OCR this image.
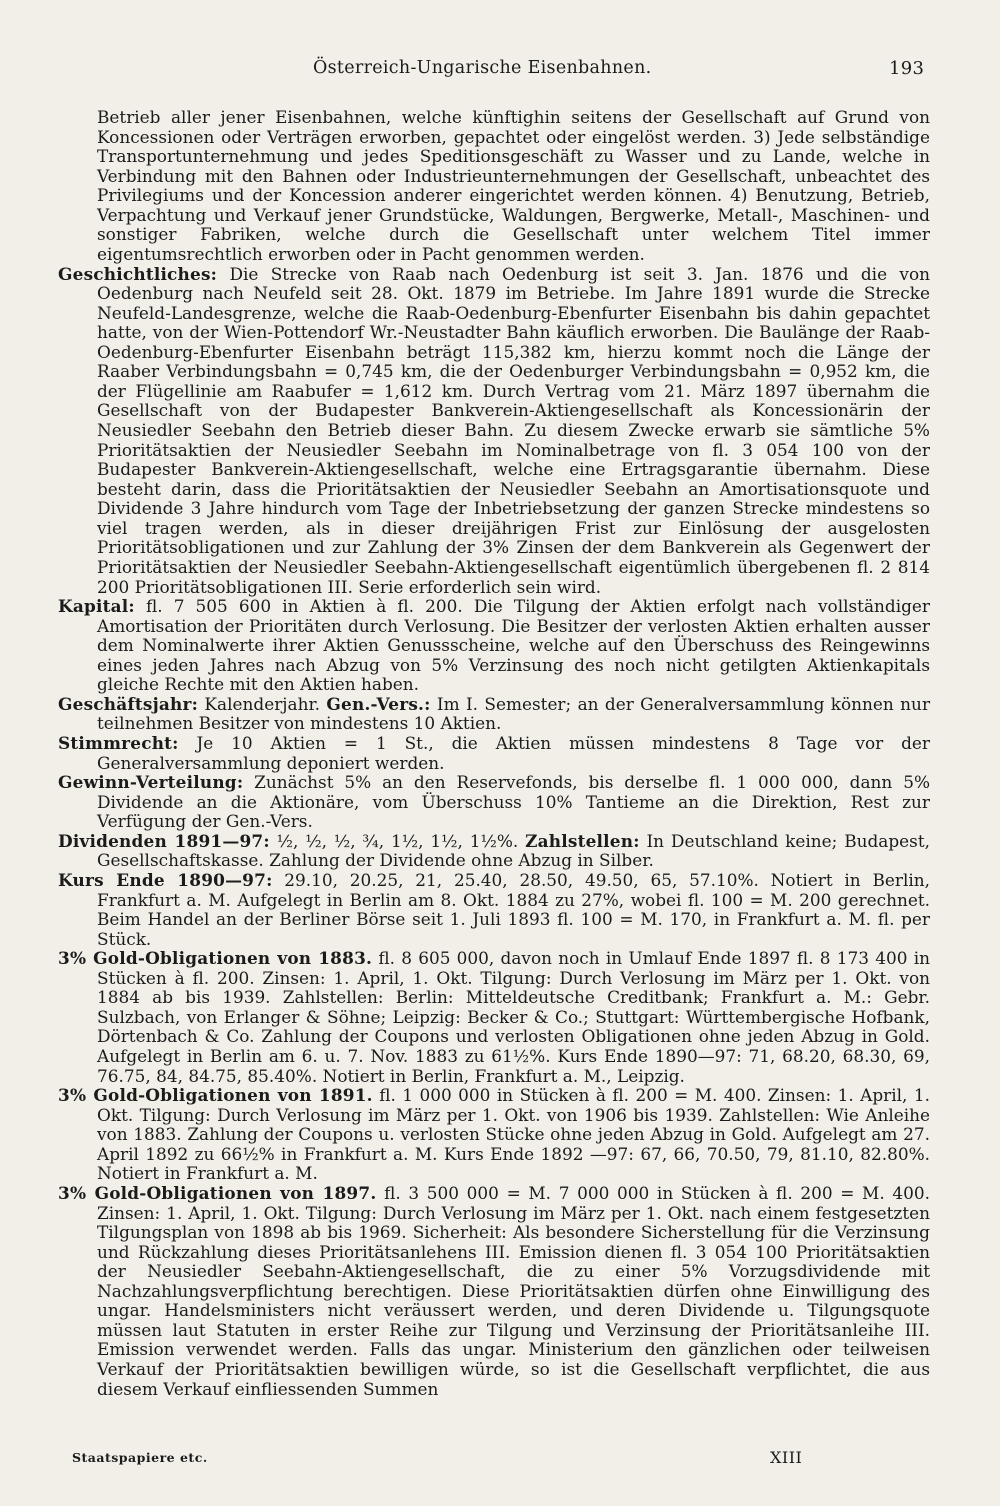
Österreich-Ungarische Eisenbahnen.	193

Betrieb aller jener Eisenbahnen, welche künftighin seitens der Gesellschaft auf Grund von Koncessionen oder Verträgen erworben, gepachtet oder eingelöst werden. 3) Jede selbständige Transportunternehmung und jedes Speditionsgeschäft zu Wasser und zu Lande, welche in Verbindung mit den Bahnen oder Industrieunternehmungen der Gesellschaft, unbeachtet des Privilegiums und der Koncession anderer eingerichtet werden können. 4) Benutzung, Betrieb, Verpachtung und Verkauf jener Grundstücke, Waldungen, Bergwerke, Metall-, Maschinen- und sonstiger Fabriken, welche durch die Gesellschaft unter welchem Titel immer eigentumsrechtlich erworben oder in Pacht genommen werden.

Geschichtliches: Die Strecke von Raab nach Oedenburg ist seit 3. Jan. 1876 und die von Oedenburg nach Neufeld seit 28. Okt. 1879 im Betriebe. Im Jahre 1891 wurde die Strecke Neufeld-Landesgrenze, welche die Raab-Oedenburg-Ebenfurter Eisenbahn bis dahin gepachtet hatte, von der Wien-Pottendorf Wr.-Neustadter Bahn käuflich erworben. Die Baulänge der Raab-Oedenburg-Ebenfurter Eisenbahn beträgt 115,382 km, hierzu kommt noch die Länge der Raaber Verbindungsbahn = 0,745 km, die der Oedenburger Verbindungsbahn = 0,952 km, die der Flügellinie am Raabufer = 1,612 km. Durch Vertrag vom 21. März 1897 übernahm die Gesellschaft von der Budapester Bankverein-Aktiengesellschaft als Koncessionärin der Neusiedler Seebahn den Betrieb dieser Bahn. Zu diesem Zwecke erwarb sie sämtliche 5% Prioritätsaktien der Neusiedler Seebahn im Nominalbetrage von fl. 3 054 100 von der Budapester Bankverein-Aktiengesellschaft, welche eine Ertragsgarantie übernahm. Diese besteht darin, dass die Prioritätsaktien der Neusiedler Seebahn an Amortisationsquote und Dividende 3 Jahre hindurch vom Tage der Inbetriebsetzung der ganzen Strecke mindestens so viel tragen werden, als in dieser dreijährigen Frist zur Einlösung der ausgelosten Prioritätsobligationen und zur Zahlung der 3% Zinsen der dem Bankverein als Gegenwert der Prioritätsaktien der Neusiedler Seebahn-Aktiengesellschaft eigentümlich übergebenen fl. 2 814 200 Prioritätsobligationen III. Serie erforderlich sein wird.

Kapital: fl. 7 505 600 in Aktien à fl. 200. Die Tilgung der Aktien erfolgt nach vollständiger Amortisation der Prioritäten durch Verlosung. Die Besitzer der verlosten Aktien erhalten ausser dem Nominalwerte ihrer Aktien Genussscheine, welche auf den Überschuss des Reingewinns eines jeden Jahres nach Abzug von 5% Verzinsung des noch nicht getilgten Aktienkapitals gleiche Rechte mit den Aktien haben.

Geschäftsjahr: Kalenderjahr. Gen.-Vers.: Im I. Semester; an der Generalversammlung können nur teilnehmen Besitzer von mindestens 10 Aktien.

Stimmrecht: Je 10 Aktien = 1 St., die Aktien müssen mindestens 8 Tage vor der Generalversammlung deponiert werden.

Gewinn-Verteilung: Zunächst 5% an den Reservefonds, bis derselbe fl. 1 000 000, dann 5% Dividende an die Aktionäre, vom Überschuss 10% Tantieme an die Direktion, Rest zur Verfügung der Gen.-Vers.

Dividenden 1891—97: ½, ½, ½, ¾, 1½, 1½, 1½%. Zahlstellen: In Deutschland keine; Budapest, Gesellschaftskasse. Zahlung der Dividende ohne Abzug in Silber.

Kurs Ende 1890—97: 29.10, 20.25, 21, 25.40, 28.50, 49.50, 65, 57.10%. Notiert in Berlin, Frankfurt a. M. Aufgelegt in Berlin am 8. Okt. 1884 zu 27%, wobei fl. 100 = M. 200 gerechnet. Beim Handel an der Berliner Börse seit 1. Juli 1893 fl. 100 = M. 170, in Frankfurt a. M. fl. per Stück.

3% Gold-Obligationen von 1883. fl. 8 605 000, davon noch in Umlauf Ende 1897 fl. 8 173 400 in Stücken à fl. 200. Zinsen: 1. April, 1. Okt. Tilgung: Durch Verlosung im März per 1. Okt. von 1884 ab bis 1939. Zahlstellen: Berlin: Mitteldeutsche Creditbank; Frankfurt a. M.: Gebr. Sulzbach, von Erlanger & Söhne; Leipzig: Becker & Co.; Stuttgart: Württembergische Hofbank, Dörtenbach & Co. Zahlung der Coupons und verlosten Obligationen ohne jeden Abzug in Gold. Aufgelegt in Berlin am 6. u. 7. Nov. 1883 zu 61½%. Kurs Ende 1890—97: 71, 68.20, 68.30, 69, 76.75, 84, 84.75, 85.40%. Notiert in Berlin, Frankfurt a. M., Leipzig.

3% Gold-Obligationen von 1891. fl. 1 000 000 in Stücken à fl. 200 = M. 400. Zinsen: 1. April, 1. Okt. Tilgung: Durch Verlosung im März per 1. Okt. von 1906 bis 1939. Zahlstellen: Wie Anleihe von 1883. Zahlung der Coupons u. verlosten Stücke ohne jeden Abzug in Gold. Aufgelegt am 27. April 1892 zu 66½% in Frankfurt a. M. Kurs Ende 1892 —97: 67, 66, 70.50, 79, 81.10, 82.80%. Notiert in Frankfurt a. M.

3% Gold-Obligationen von 1897. fl. 3 500 000 = M. 7 000 000 in Stücken à fl. 200 = M. 400. Zinsen: 1. April, 1. Okt. Tilgung: Durch Verlosung im März per 1. Okt. nach einem festgesetzten Tilgungsplan von 1898 ab bis 1969. Sicherheit: Als besondere Sicherstellung für die Verzinsung und Rückzahlung dieses Prioritätsanlehens III. Emission dienen fl. 3 054 100 Prioritätsaktien der Neusiedler Seebahn-Aktiengesellschaft, die zu einer 5% Vorzugsdividende mit Nachzahlungsverpflichtung berechtigen. Diese Prioritätsaktien dürfen ohne Einwilligung des ungar. Handelsministers nicht veräussert werden, und deren Dividende u. Tilgungsquote müssen laut Statuten in erster Reihe zur Tilgung und Verzinsung der Prioritätsanleihe III. Emission verwendet werden. Falls das ungar. Ministerium den gänzlichen oder teilweisen Verkauf der Prioritätsaktien bewilligen würde, so ist die Gesellschaft verpflichtet, die aus diesem Verkauf einfliessenden Summen

Staatspapiere etc.	XIII
